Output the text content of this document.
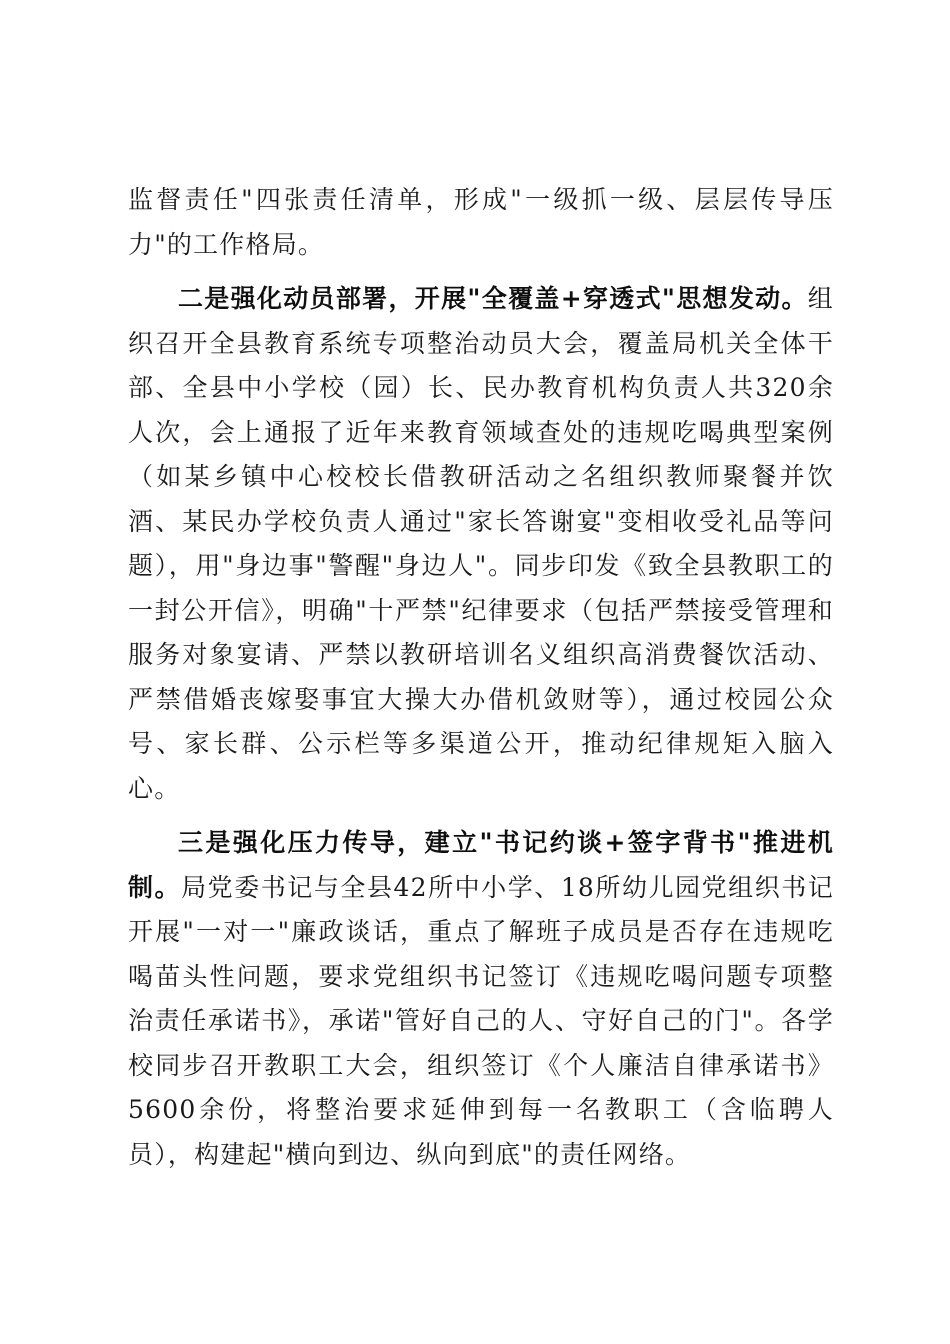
监督责任"四张责任清单，形成"一级抓一级、层层传导压力"的工作格局。

二是强化动员部署，开展"全覆盖+穿透式"思想发动。组织召开全县教育系统专项整治动员大会，覆盖局机关全体干部、全县中小学校（园）长、民办教育机构负责人共320余人次，会上通报了近年来教育领域查处的违规吃喝典型案例（如某乡镇中心校校长借教研活动之名组织教师聚餐并饮酒、某民办学校负责人通过"家长答谢宴"变相收受礼品等问题），用"身边事"警醒"身边人"。同步印发《致全县教职工的一封公开信》，明确"十严禁"纪律要求（包括严禁接受管理和服务对象宴请、严禁以教研培训名义组织高消费餐饮活动、严禁借婚丧嫁娶事宜大操大办借机敛财等），通过校园公众号、家长群、公示栏等多渠道公开，推动纪律规矩入脑入心。

三是强化压力传导，建立"书记约谈+签字背书"推进机制。局党委书记与全县42所中小学、18所幼儿园党组织书记开展"一对一"廉政谈话，重点了解班子成员是否存在违规吃喝苗头性问题，要求党组织书记签订《违规吃喝问题专项整治责任承诺书》，承诺"管好自己的人、守好自己的门"。各学校同步召开教职工大会，组织签订《个人廉洁自律承诺书》5600余份，将整治要求延伸到每一名教职工（含临聘人员），构建起"横向到边、纵向到底"的责任网络。
